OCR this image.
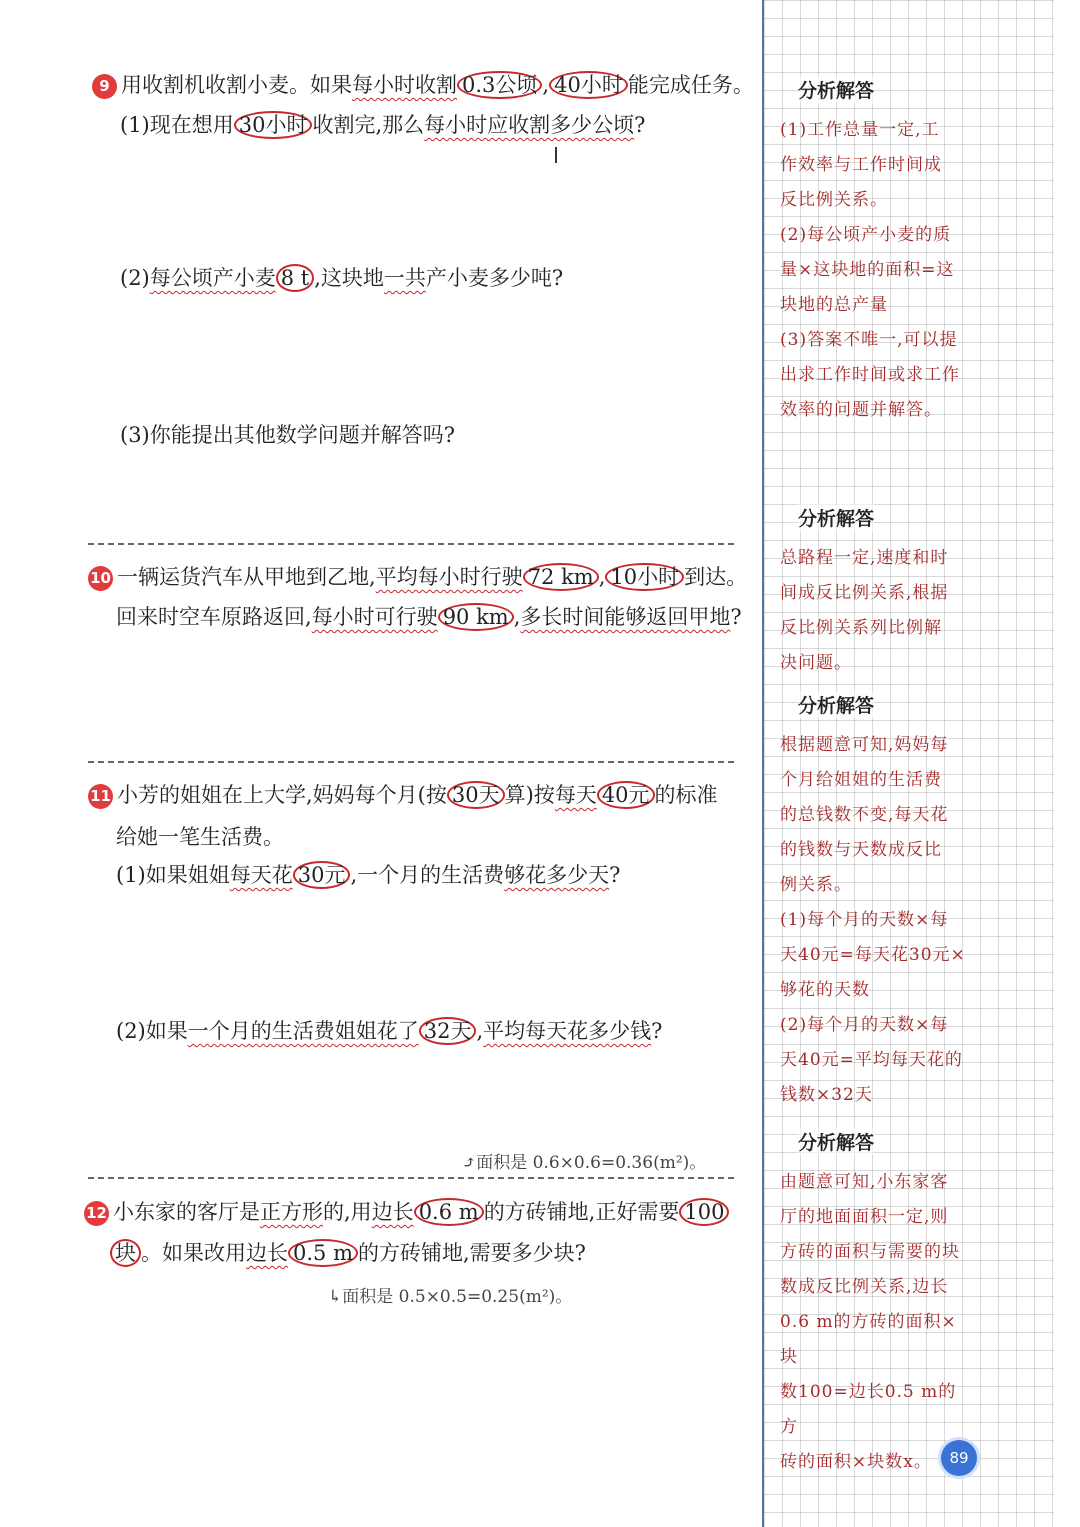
9 用收割机收割小麦。如果每小时收割 0.3公顷 , 40小时 能完成任务。
(1)现在想用 30小时 收割完,那么每小时应收割多少公顷?
(2)每公顷产小麦 8 t ,这块地一共产小麦多少吨?
(3)你能提出其他数学问题并解答吗?
10 一辆运货汽车从甲地到乙地,平均每小时行驶 72 km , 10小时 到达。
回来时空车原路返回,每小时可行驶 90 km ,多长时间能够返回甲地?
11 小芳的姐姐在上大学,妈妈每个月(按 30天 算)按每天 40元 的标准
给她一笔生活费。
(1)如果姐姐每天花 30元 ,一个月的生活费够花多少天?
(2)如果一个月的生活费姐姐花了 32天 ,平均每天花多少钱?
⤴面积是 0.6×0.6=0.36(m²)。
12 小东家的客厅是正方形的,用边长 0.6 m 的方砖铺地,正好需要 100
块 。如果改用边长 0.5 m 的方砖铺地,需要多少块?
↳面积是 0.5×0.5=0.25(m²)。
分析解答
(1)工作总量一定,工
作效率与工作时间成
反比例关系。
(2)每公顷产小麦的质
量×这块地的面积=这
块地的总产量
(3)答案不唯一,可以提
出求工作时间或求工作
效率的问题并解答。
分析解答
总路程一定,速度和时
间成反比例关系,根据
反比例关系列比例解
决问题。
分析解答
根据题意可知,妈妈每
个月给姐姐的生活费
的总钱数不变,每天花
的钱数与天数成反比
例关系。
(1)每个月的天数×每
天40元=每天花30元×
够花的天数
(2)每个月的天数×每
天40元=平均每天花的
钱数×32天
分析解答
由题意可知,小东家客
厅的地面面积一定,则
方砖的面积与需要的块
数成反比例关系,边长
0.6 m的方砖的面积×块
数100=边长0.5 m的方
砖的面积×块数x。	89
